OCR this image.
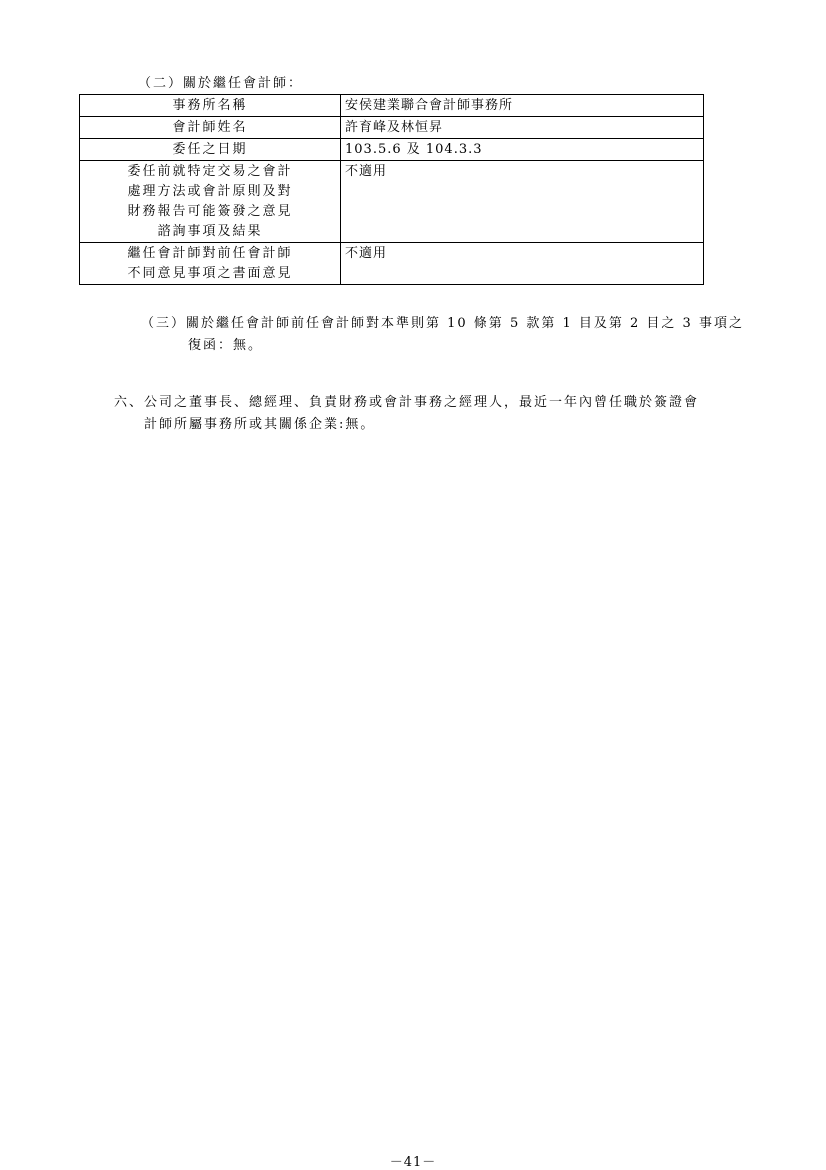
（二）關於繼任會計師：
事務所名稱	安侯建業聯合會計師事務所
會計師姓名	許育峰及林恒昇
委任之日期	103.5.6 及 104.3.3

委任前就特定交易之會計
處理方法或會計原則及對
財務報告可能簽發之意見
諮詢事項及結果	不適用

繼任會計師對前任會計師
不同意見事項之書面意見	不適用
（三）關於繼任會計師前任會計師對本準則第 10 條第 5 款第 1 目及第 2 目之 3 事項之
復函：無。
六、公司之董事長、總經理、負責財務或會計事務之經理人，最近一年內曾任職於簽證會
計師所屬事務所或其關係企業:無。
－41－
